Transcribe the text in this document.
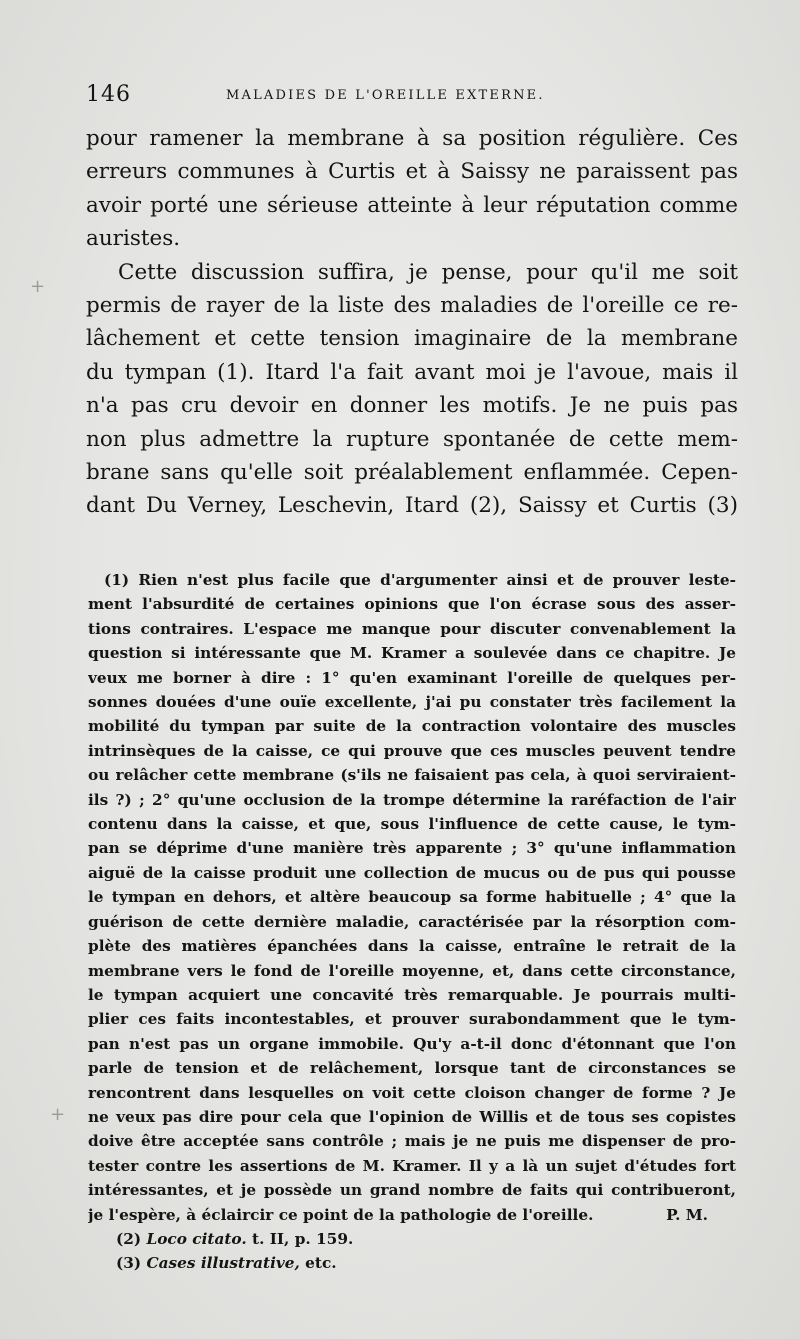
146	MALADIES DE L'OREILLE EXTERNE.
pour ramener la membrane à sa position régulière. Ces
erreurs communes à Curtis et à Saissy ne paraissent pas
avoir porté une sérieuse atteinte à leur réputation comme
auristes.
Cette discussion suffira, je pense, pour qu'il me soit
permis de rayer de la liste des maladies de l'oreille ce re-
lâchement et cette tension imaginaire de la membrane
du tympan (1). Itard l'a fait avant moi je l'avoue, mais il
n'a pas cru devoir en donner les motifs. Je ne puis pas
non plus admettre la rupture spontanée de cette mem-
brane sans qu'elle soit préalablement enflammée. Cepen-
dant Du Verney, Leschevin, Itard (2), Saissy et Curtis (3)
(1) Rien n'est plus facile que d'argumenter ainsi et de prouver leste-
ment l'absurdité de certaines opinions que l'on écrase sous des asser-
tions contraires. L'espace me manque pour discuter convenablement la
question si intéressante que M. Kramer a soulevée dans ce chapitre. Je
veux me borner à dire : 1° qu'en examinant l'oreille de quelques per-
sonnes douées d'une ouïe excellente, j'ai pu constater très facilement la
mobilité du tympan par suite de la contraction volontaire des muscles
intrinsèques de la caisse, ce qui prouve que ces muscles peuvent tendre
ou relâcher cette membrane (s'ils ne faisaient pas cela, à quoi serviraient-
ils ?) ; 2° qu'une occlusion de la trompe détermine la raréfaction de l'air
contenu dans la caisse, et que, sous l'influence de cette cause, le tym-
pan se déprime d'une manière très apparente ; 3° qu'une inflammation
aiguë de la caisse produit une collection de mucus ou de pus qui pousse
le tympan en dehors, et altère beaucoup sa forme habituelle ; 4° que la
guérison de cette dernière maladie, caractérisée par la résorption com-
plète des matières épanchées dans la caisse, entraîne le retrait de la
membrane vers le fond de l'oreille moyenne, et, dans cette circonstance,
le tympan acquiert une concavité très remarquable. Je pourrais multi-
plier ces faits incontestables, et prouver surabondamment que le tym-
pan n'est pas un organe immobile. Qu'y a-t-il donc d'étonnant que l'on
parle de tension et de relâchement, lorsque tant de circonstances se
rencontrent dans lesquelles on voit cette cloison changer de forme ? Je
ne veux pas dire pour cela que l'opinion de Willis et de tous ses copistes
doive être acceptée sans contrôle ; mais je ne puis me dispenser de pro-
tester contre les assertions de M. Kramer. Il y a là un sujet d'études fort
intéressantes, et je possède un grand nombre de faits qui contribueront,
je l'espère, à éclaircir ce point de la pathologie de l'oreille.	P. M.
(2) Loco citato. t. II, p. 159.
(3) Cases illustrative, etc.
+
+
